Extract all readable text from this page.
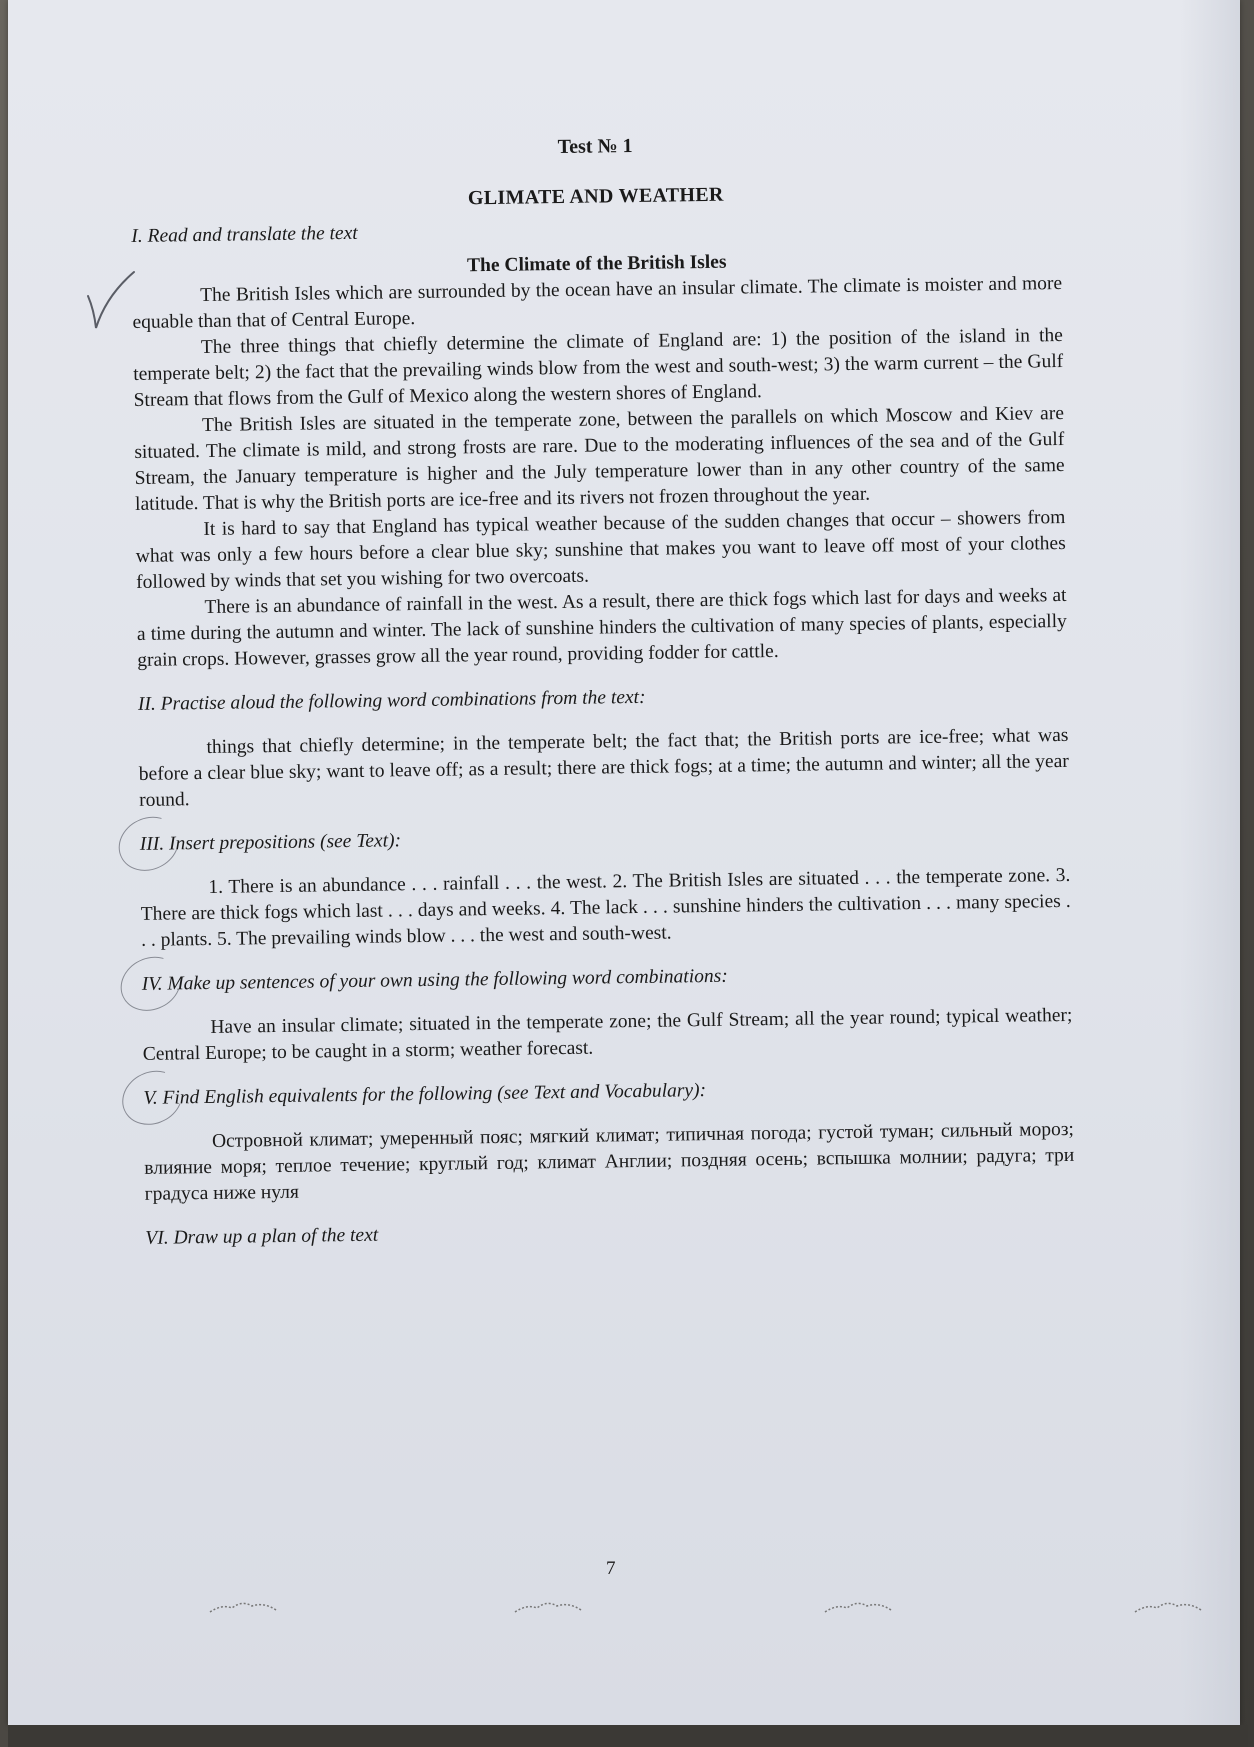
Test № 1

GLIMATE AND WEATHER

I. Read and translate the text

The Climate of the British Isles

The British Isles which are surrounded by the ocean have an insular climate. The climate is moister and more equable than that of Central Europe.

The three things that chiefly determine the climate of England are: 1) the position of the island in the temperate belt; 2) the fact that the prevailing winds blow from the west and south-west; 3) the warm current – the Gulf Stream that flows from the Gulf of Mexico along the western shores of England.

The British Isles are situated in the temperate zone, between the parallels on which Moscow and Kiev are situated. The climate is mild, and strong frosts are rare. Due to the moderating influences of the sea and of the Gulf Stream, the January temperature is higher and the July temperature lower than in any other country of the same latitude. That is why the British ports are ice-free and its rivers not frozen throughout the year.

It is hard to say that England has typical weather because of the sudden changes that occur – showers from what was only a few hours before a clear blue sky; sunshine that makes you want to leave off most of your clothes followed by winds that set you wishing for two overcoats.

There is an abundance of rainfall in the west. As a result, there are thick fogs which last for days and weeks at a time during the autumn and winter. The lack of sunshine hinders the cultivation of many species of plants, especially grain crops. However, grasses grow all the year round, providing fodder for cattle.

II. Practise aloud the following word combinations from the text:

things that chiefly determine; in the temperate belt; the fact that; the British ports are ice-free; what was before a clear blue sky; want to leave off; as a result; there are thick fogs; at a time; the autumn and winter; all the year round.

III. Insert prepositions (see Text):

1. There is an abundance . . . rainfall . . . the west. 2. The British Isles are situated . . . the temperate zone. 3. There are thick fogs which last . . . days and weeks. 4. The lack . . . sunshine hinders the cultivation . . . many species . . . plants. 5. The prevailing winds blow . . . the west and south-west.

IV. Make up sentences of your own using the following word combinations:

Have an insular climate; situated in the temperate zone; the Gulf Stream; all the year round; typical weather; Central Europe; to be caught in a storm; weather forecast.

V. Find English equivalents for the following (see Text and Vocabulary):

Островной климат; умеренный пояс; мягкий климат; типичная погода; густой туман; сильный мороз; влияние моря; теплое течение; круглый год; климат Англии; поздняя осень; вспышка молнии; радуга; три градуса ниже нуля

VI. Draw up a plan of the text

7
